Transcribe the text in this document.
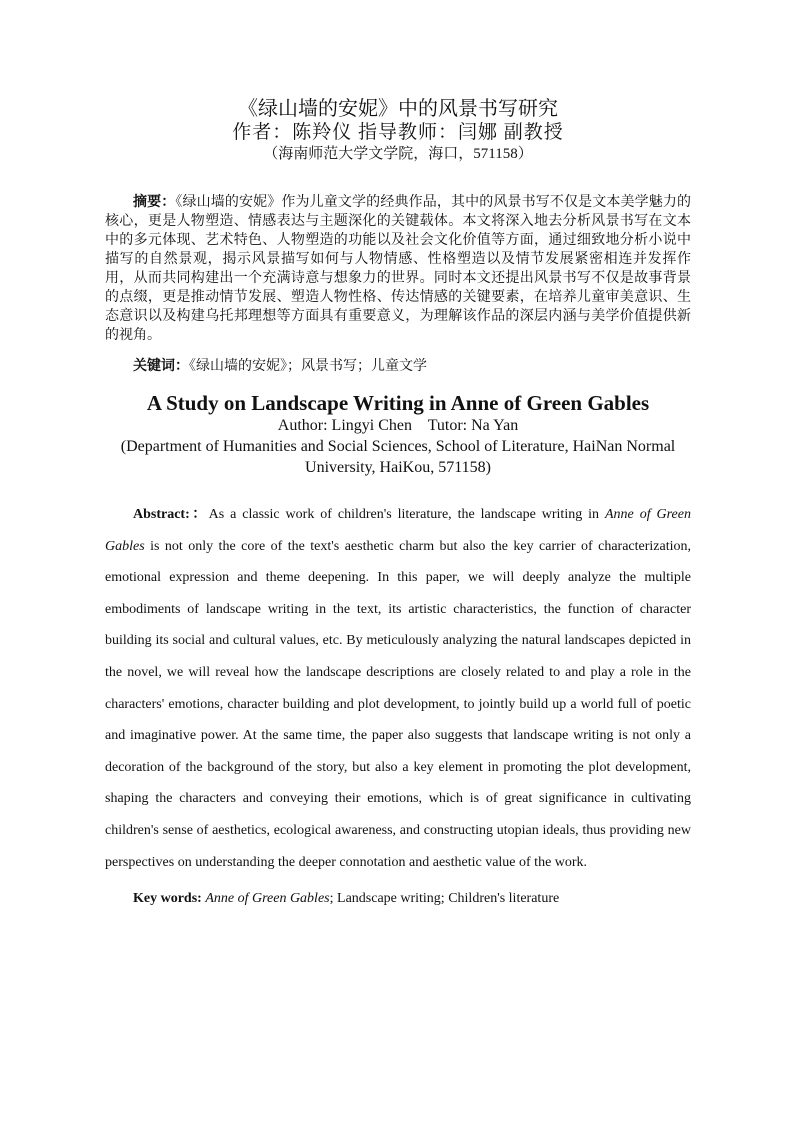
《绿山墙的安妮》中的风景书写研究

作者：陈羚仪 指导教师：闫娜 副教授

（海南师范大学文学院，海口，571158）

摘要：《绿山墙的安妮》作为儿童文学的经典作品，其中的风景书写不仅是文本美学魅力的核心，更是人物塑造、情感表达与主题深化的关键载体。本文将深入地去分析风景书写在文本中的多元体现、艺术特色、人物塑造的功能以及社会文化价值等方面，通过细致地分析小说中描写的自然景观，揭示风景描写如何与人物情感、性格塑造以及情节发展紧密相连并发挥作用，从而共同构建出一个充满诗意与想象力的世界。同时本文还提出风景书写不仅是故事背景的点缀，更是推动情节发展、塑造人物性格、传达情感的关键要素，在培养儿童审美意识、生态意识以及构建乌托邦理想等方面具有重要意义，为理解该作品的深层内涵与美学价值提供新的视角。

关键词：《绿山墙的安妮》；风景书写；儿童文学

A Study on Landscape Writing in Anne of Green Gables

Author: Lingyi Chen    Tutor: Na Yan

(Department of Humanities and Social Sciences, School of Literature, HaiNan Normal University, HaiKou, 571158)

Abstract:：As a classic work of children's literature, the landscape writing in Anne of Green Gables is not only the core of the text's aesthetic charm but also the key carrier of characterization, emotional expression and theme deepening. In this paper, we will deeply analyze the multiple embodiments of landscape writing in the text, its artistic characteristics, the function of character building its social and cultural values, etc. By meticulously analyzing the natural landscapes depicted in the novel, we will reveal how the landscape descriptions are closely related to and play a role in the characters' emotions, character building and plot development, to jointly build up a world full of poetic and imaginative power. At the same time, the paper also suggests that landscape writing is not only a decoration of the background of the story, but also a key element in promoting the plot development, shaping the characters and conveying their emotions, which is of great significance in cultivating children's sense of aesthetics, ecological awareness, and constructing utopian ideals, thus providing new perspectives on understanding the deeper connotation and aesthetic value of the work.

Key words: Anne of Green Gables; Landscape writing; Children's literature
